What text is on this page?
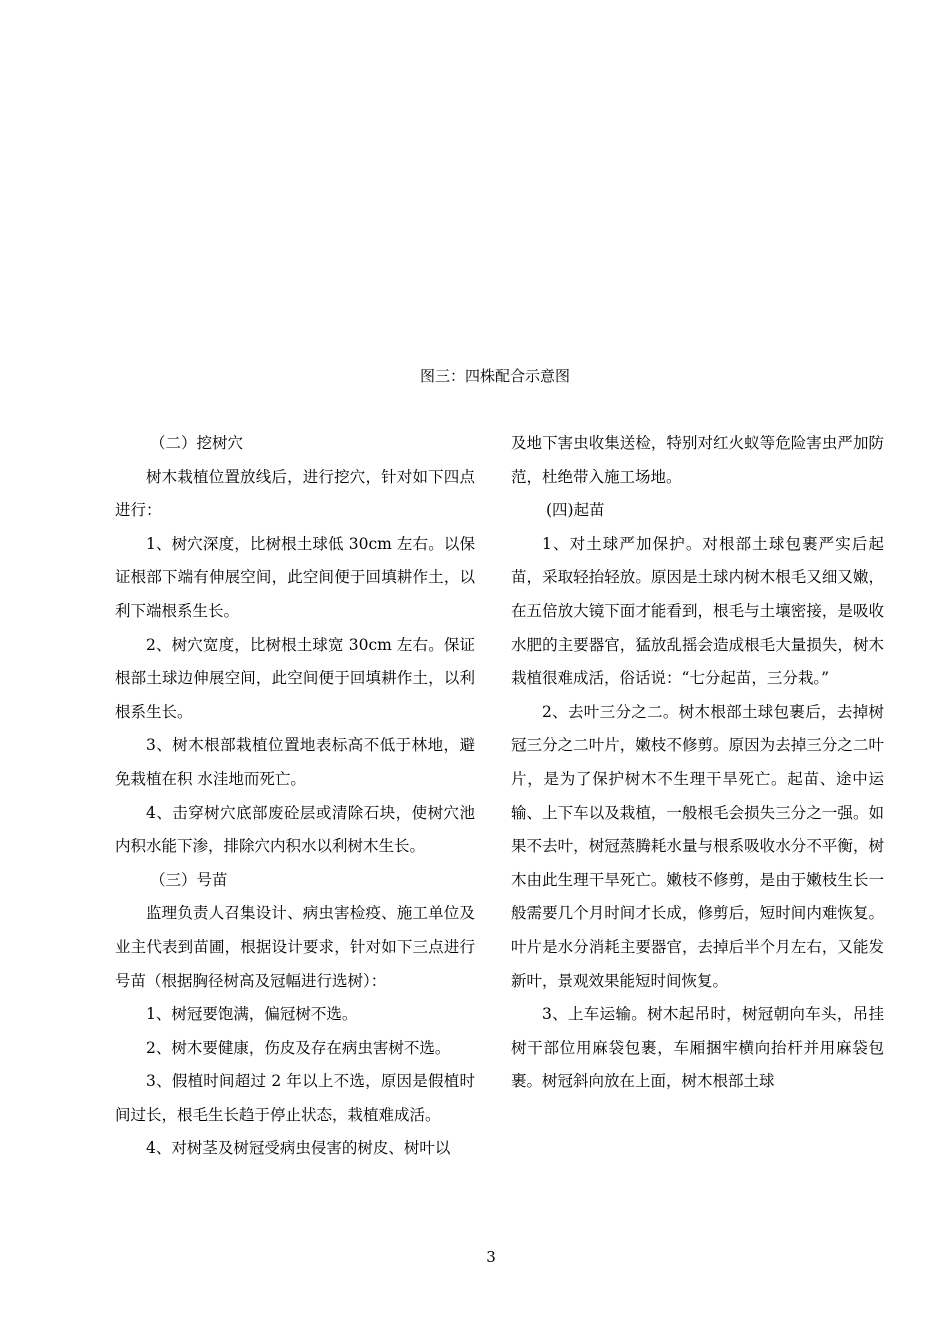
图三：四株配合示意图

（二）挖树穴

树木栽植位置放线后，进行挖穴，针对如下四点进行：

1、树穴深度，比树根土球低 30cm 左右。以保证根部下端有伸展空间，此空间便于回填耕作土，以利下端根系生长。

2、树穴宽度，比树根土球宽 30cm 左右。保证根部土球边伸展空间，此空间便于回填耕作土，以利根系生长。

3、树木根部栽植位置地表标高不低于林地，避免栽植在积 水洼地而死亡。

4、击穿树穴底部废砼层或清除石块，使树穴池内积水能下渗，排除穴内积水以利树木生长。

（三）号苗

监理负责人召集设计、病虫害检疫、施工单位及业主代表到苗圃，根据设计要求，针对如下三点进行号苗（根据胸径树高及冠幅进行选树）：

1、树冠要饱满，偏冠树不选。

2、树木要健康，伤皮及存在病虫害树不选。

3、假植时间超过 2 年以上不选，原因是假植时间过长，根毛生长趋于停止状态，栽植难成活。

4、对树茎及树冠受病虫侵害的树皮、树叶以

及地下害虫收集送检，特别对红火蚁等危险害虫严加防范，杜绝带入施工场地。

(四)起苗

1、对土球严加保护。对根部土球包裹严实后起苗，采取轻抬轻放。原因是土球内树木根毛又细又嫩，在五倍放大镜下面才能看到，根毛与土壤密接，是吸收水肥的主要器官，猛放乱摇会造成根毛大量损失，树木栽植很难成活，俗话说：“七分起苗，三分栽。”

2、去叶三分之二。树木根部土球包裹后，去掉树冠三分之二叶片，嫩枝不修剪。原因为去掉三分之二叶片，是为了保护树木不生理干旱死亡。起苗、途中运输、上下车以及栽植，一般根毛会损失三分之一强。如果不去叶，树冠蒸腾耗水量与根系吸收水分不平衡，树木由此生理干旱死亡。嫩枝不修剪，是由于嫩枝生长一般需要几个月时间才长成，修剪后，短时间内难恢复。叶片是水分消耗主要器官，去掉后半个月左右，又能发新叶，景观效果能短时间恢复。

3、上车运输。树木起吊时，树冠朝向车头，吊挂树干部位用麻袋包裹，车厢捆牢横向抬杆并用麻袋包裹。树冠斜向放在上面，树木根部土球

3
